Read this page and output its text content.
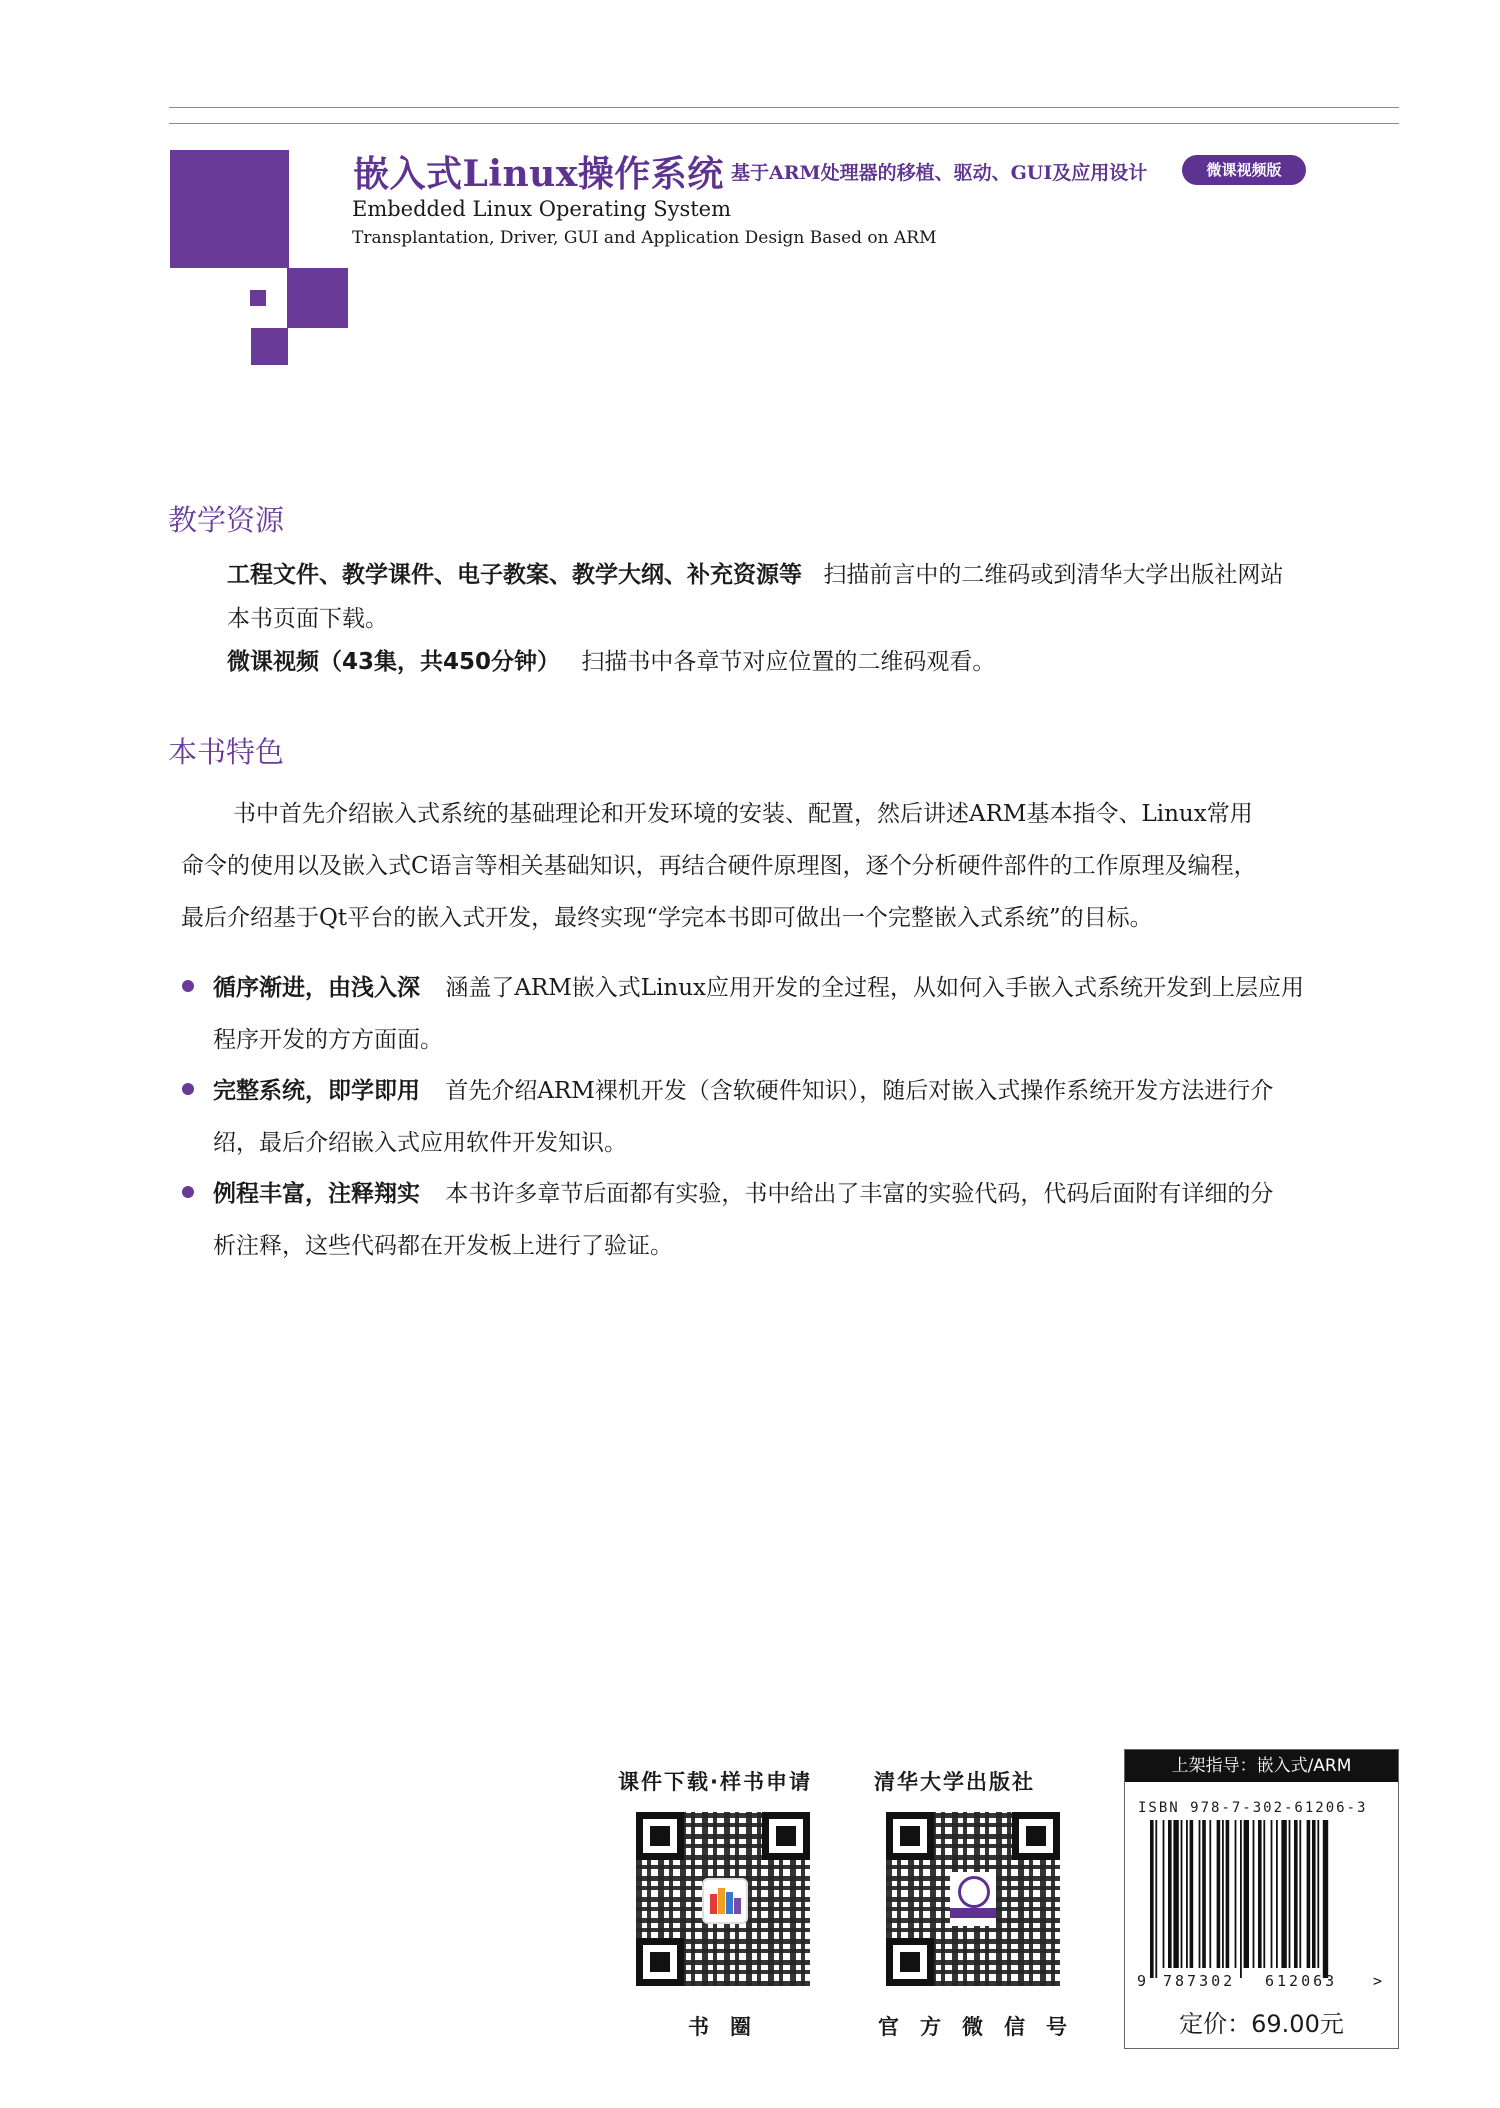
嵌入式Linux操作系统 基于ARM处理器的移植、驱动、GUI及应用设计	微课视频版
Embedded Linux Operating System
Transplantation, Driver, GUI and Application Design Based on ARM
教学资源
工程文件、教学课件、电子教案、教学大纲、补充资源等 扫描前言中的二维码或到清华大学出版社网站
本书页面下载。
微课视频（43集，共450分钟） 扫描书中各章节对应位置的二维码观看。
本书特色
书中首先介绍嵌入式系统的基础理论和开发环境的安装、配置，然后讲述ARM基本指令、Linux常用
命令的使用以及嵌入式C语言等相关基础知识，再结合硬件原理图，逐个分析硬件部件的工作原理及编程，
最后介绍基于Qt平台的嵌入式开发，最终实现“学完本书即可做出一个完整嵌入式系统”的目标。
循序渐进，由浅入深 涵盖了ARM嵌入式Linux应用开发的全过程，从如何入手嵌入式系统开发到上层应用
程序开发的方方面面。
完整系统，即学即用 首先介绍ARM裸机开发（含软硬件知识），随后对嵌入式操作系统开发方法进行介
绍，最后介绍嵌入式应用软件开发知识。
例程丰富，注释翔实 本书许多章节后面都有实验，书中给出了丰富的实验代码，代码后面附有详细的分
析注释，这些代码都在开发板上进行了验证。
课件下载·样书申请	清华大学出版社
书　圈	官　方　微　信　号
上架指导：嵌入式/ARM
ISBN 978-7-302-61206-3
9 787302 612063 >
定价：69.00元
